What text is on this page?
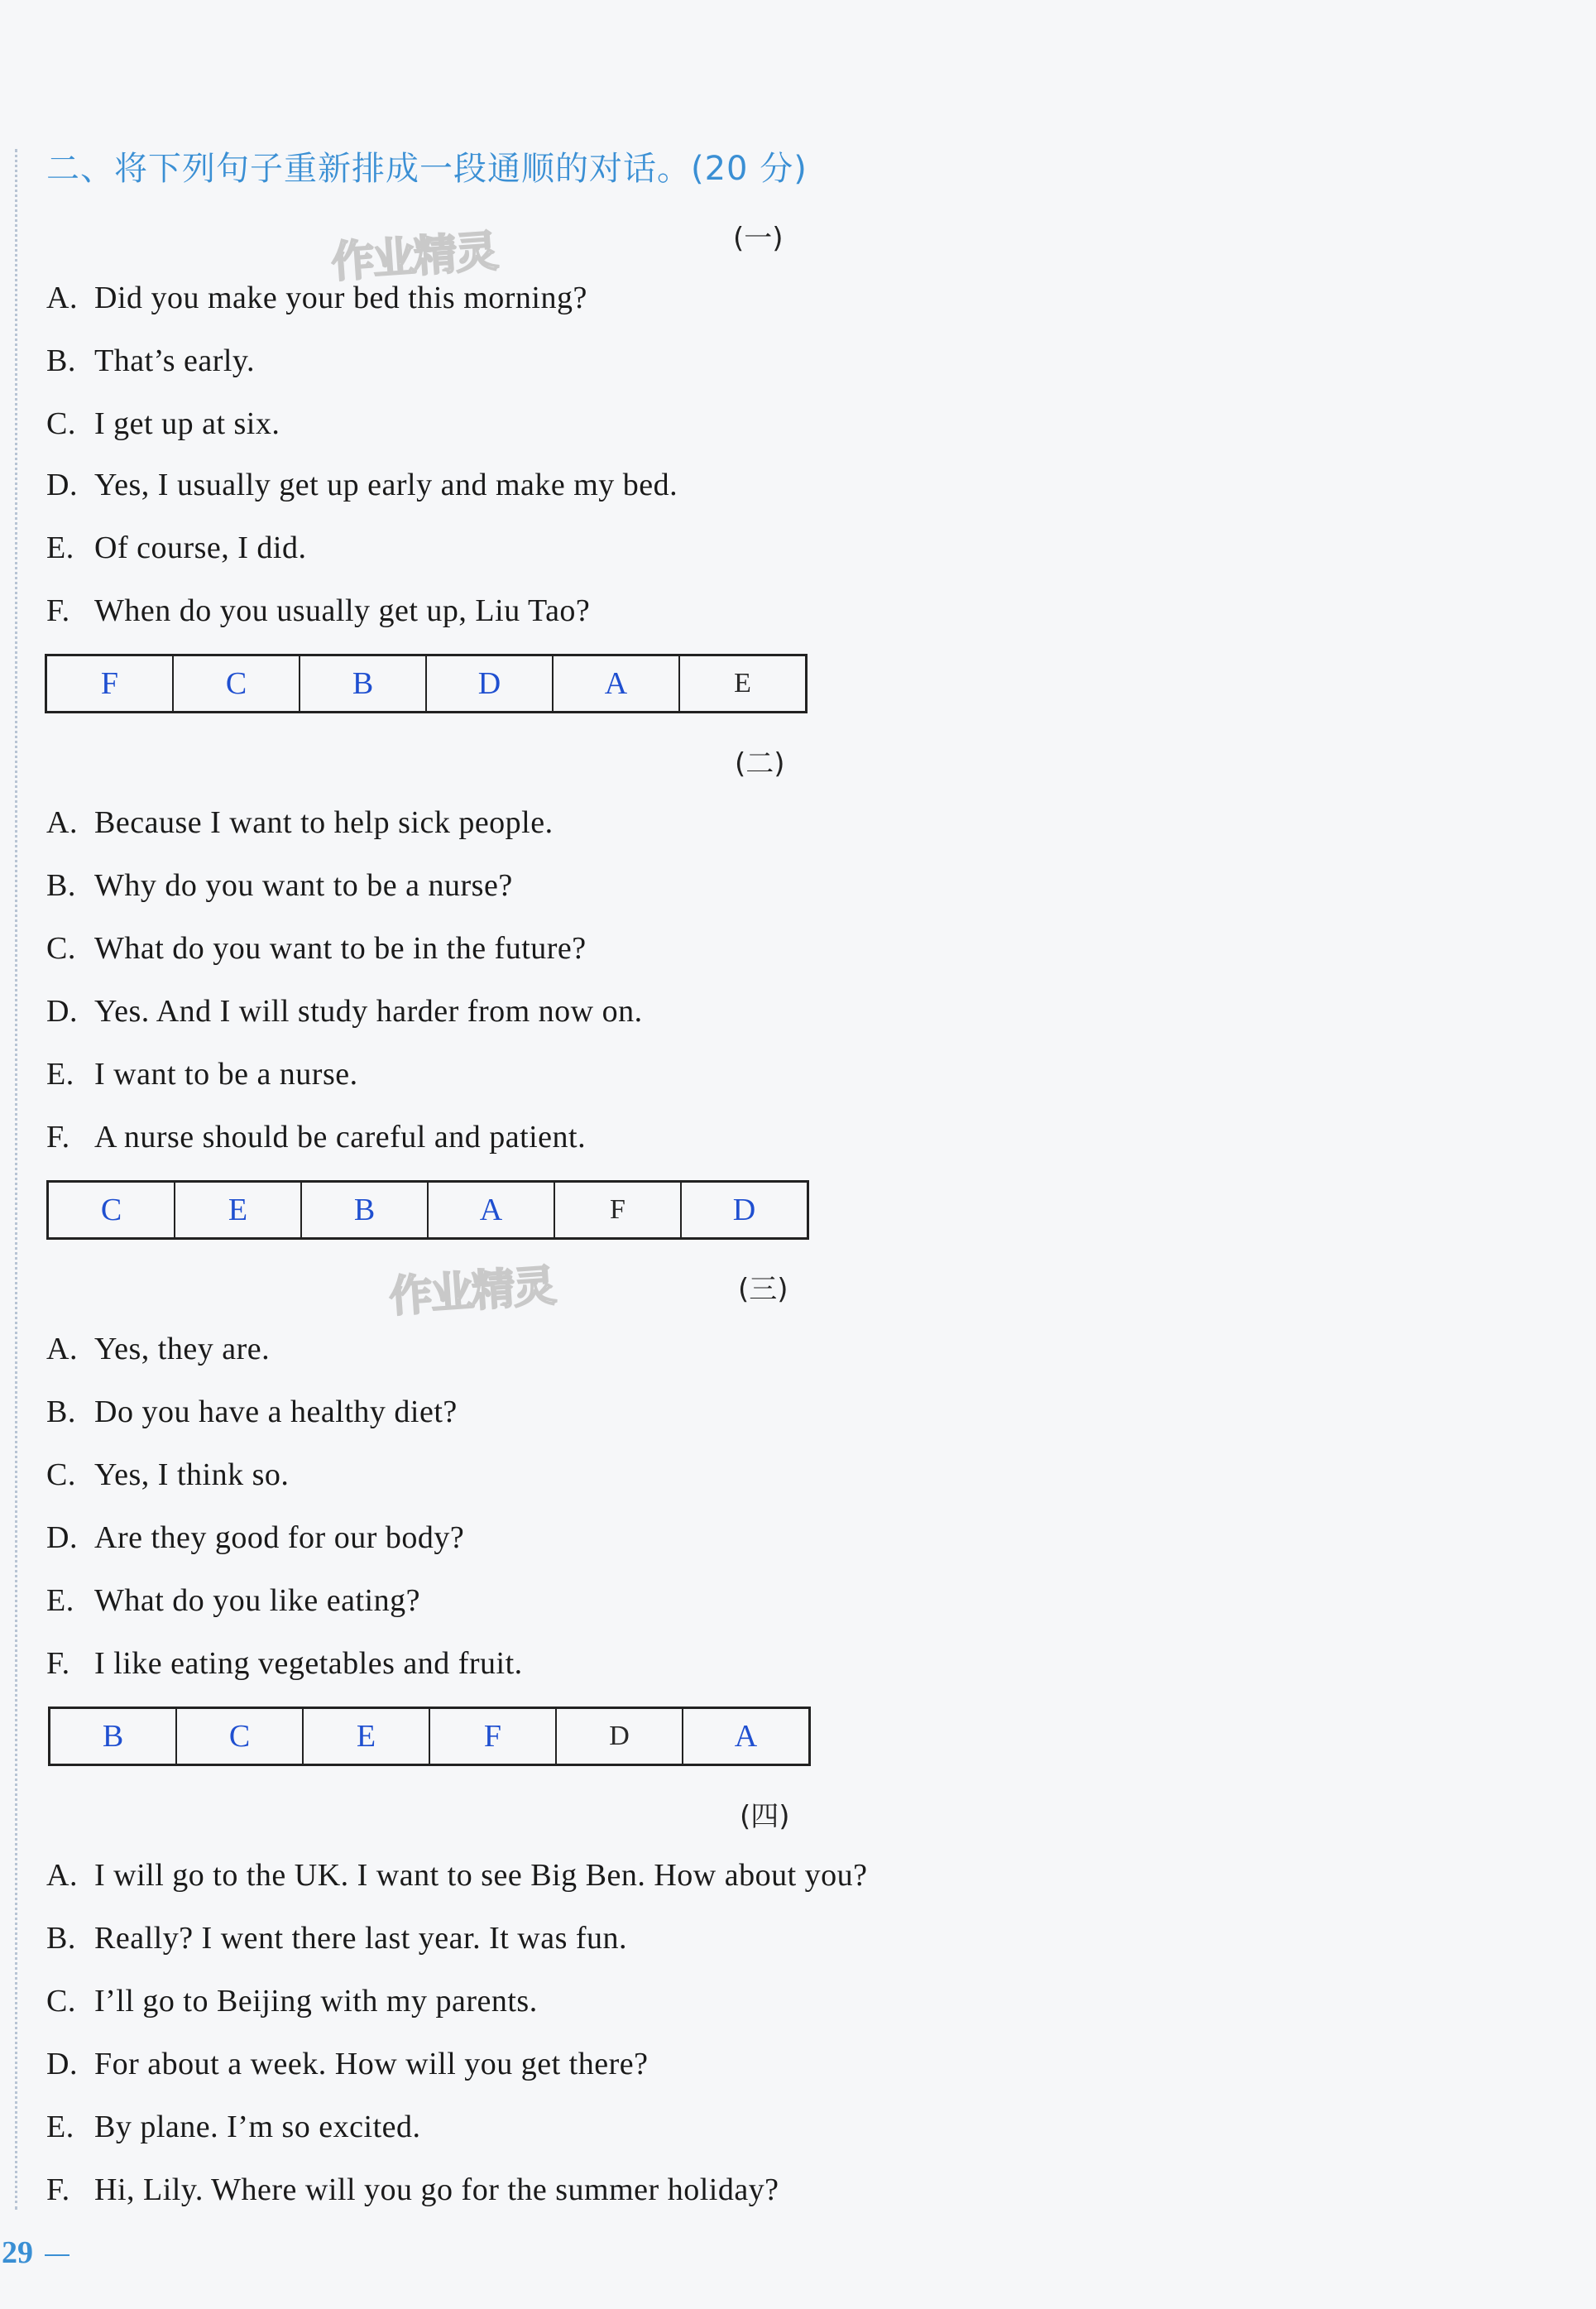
二、将下列句子重新排成一段通顺的对话。(20 分)
作业精灵
作业精灵
(一)
A. Did you make your bed this morning?
B. That’s early.
C. I get up at six.
D. Yes, I usually get up early and make my bed.
E. Of course, I did.
F. When do you usually get up, Liu Tao?
F	C	B	D	A	E
(二)
A. Because I want to help sick people.
B. Why do you want to be a nurse?
C. What do you want to be in the future?
D. Yes. And I will study harder from now on.
E. I want to be a nurse.
F. A nurse should be careful and patient.
C	E	B	A	F	D
(三)
A. Yes, they are.
B. Do you have a healthy diet?
C. Yes, I think so.
D. Are they good for our body?
E. What do you like eating?
F. I like eating vegetables and fruit.
B	C	E	F	D	A
(四)
A. I will go to the UK. I want to see Big Ben. How about you?
B. Really? I went there last year. It was fun.
C. I’ll go to Beijing with my parents.
D. For about a week. How will you get there?
E. By plane. I’m so excited.
F. Hi, Lily. Where will you go for the summer holiday?
29
